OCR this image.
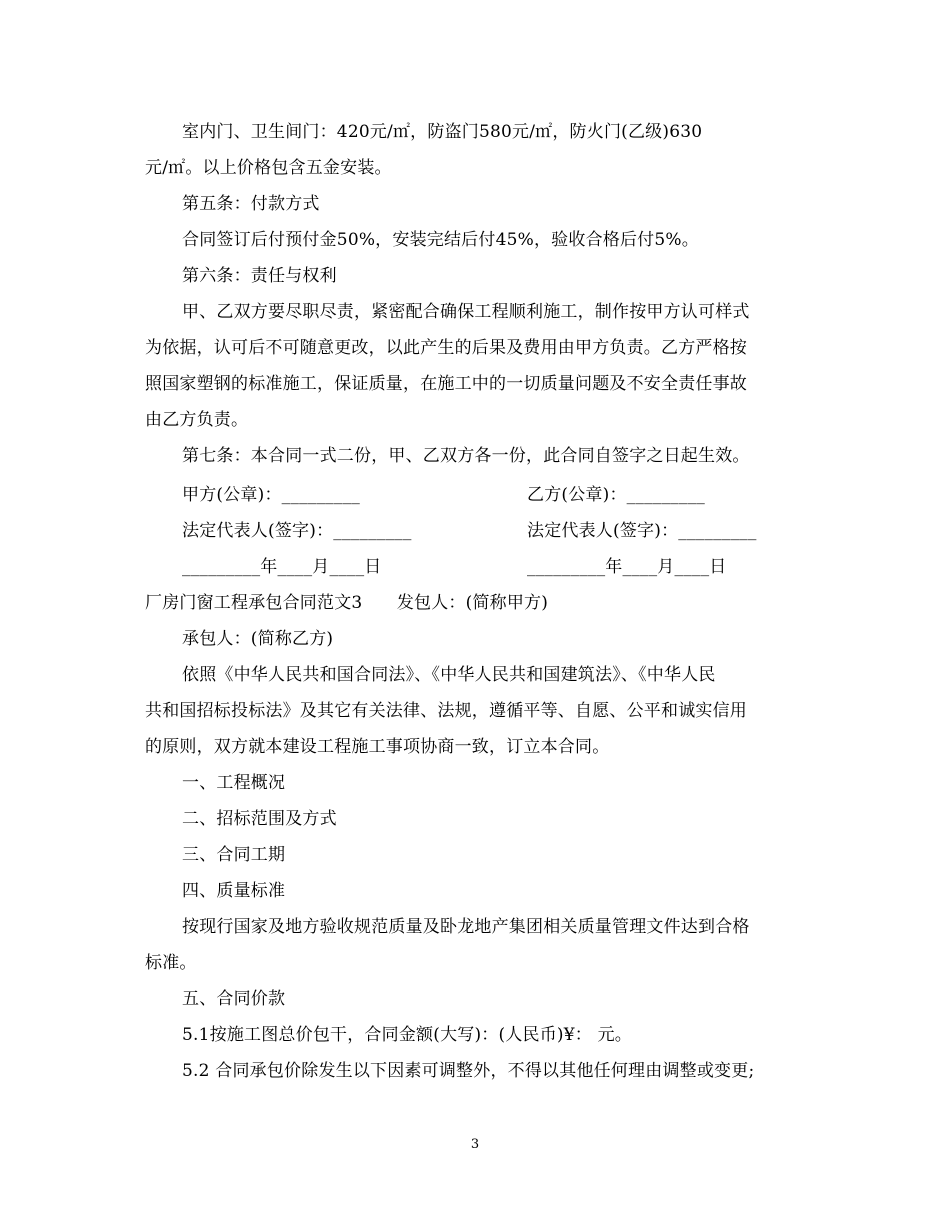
室内门、卫生间门：420元/㎡，防盗门580元/㎡，防火门(乙级)630
元/㎡。以上价格包含五金安装。
第五条：付款方式
合同签订后付预付金50%，安装完结后付45%，验收合格后付5%。
第六条：责任与权利
甲、乙双方要尽职尽责，紧密配合确保工程顺利施工，制作按甲方认可样式
为依据，认可后不可随意更改，以此产生的后果及费用由甲方负责。乙方严格按
照国家塑钢的标准施工，保证质量，在施工中的一切质量问题及不安全责任事故
由乙方负责。
第七条：本合同一式二份，甲、乙双方各一份，此合同自签字之日起生效。
甲方(公章)：_________	乙方(公章)：_________
法定代表人(签字)：_________	法定代表人(签字)：_________
_________年____月____日	_________年____月____日
厂房门窗工程承包合同范文3　　发包人：(简称甲方)
承包人：(简称乙方)
依照《中华人民共和国合同法》、《中华人民共和国建筑法》、《中华人民
共和国招标投标法》及其它有关法律、法规，遵循平等、自愿、公平和诚实信用
的原则，双方就本建设工程施工事项协商一致，订立本合同。
一、工程概况
二、招标范围及方式
三、合同工期
四、质量标准
按现行国家及地方验收规范质量及卧龙地产集团相关质量管理文件达到合格
标准。
五、合同价款
5.1按施工图总价包干，合同金额(大写)：(人民币)¥： 元。
5.2 合同承包价除发生以下因素可调整外，不得以其他任何理由调整或变更;
3
